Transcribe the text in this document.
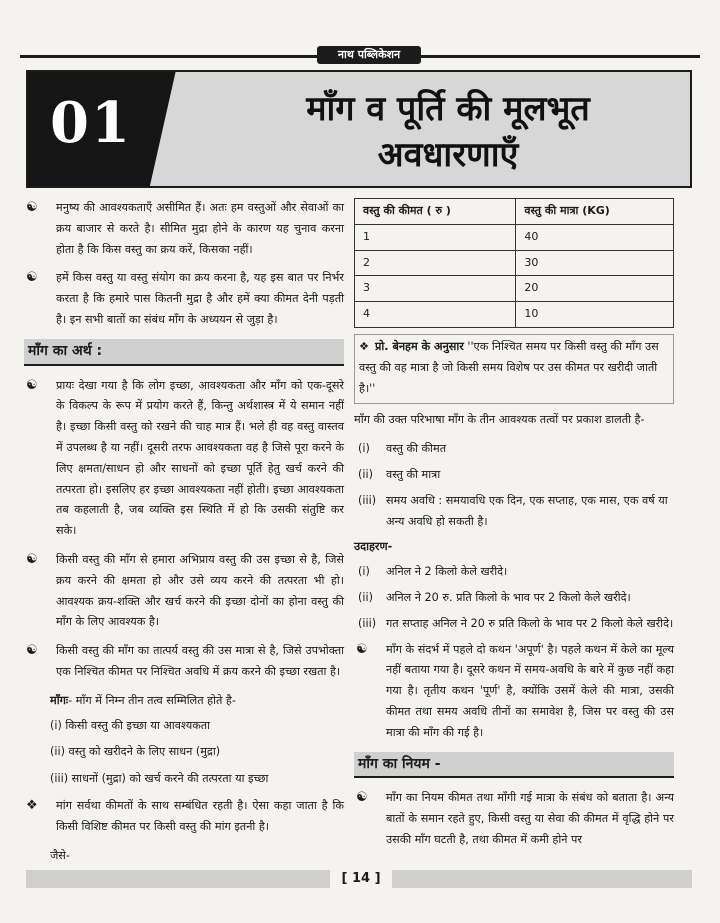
नाथ पब्लिकेशन
01	माँग व पूर्ति की मूलभूत
अवधारणाएँ
☯ मनुष्य की आवश्यकताएँ असीमित हैं। अतः हम वस्तुओं और सेवाओं का क्रय बाजार से करते है। सीमित मुद्रा होने के कारण यह चुनाव करना होता है कि किस वस्तु का क्रय करें, किसका नहीं।
☯ हमें किस वस्तु या वस्तु संयोग का क्रय करना है, यह इस बात पर निर्भर करता है कि हमारे पास कितनी मुद्रा है और हमें क्या कीमत देनी पड़ती है। इन सभी बातों का संबंध माँग के अध्ययन से जुड़ा है।
माँग का अर्थ :
☯ प्रायः देखा गया है कि लोग इच्छा, आवश्यकता और माँग को एक-दूसरे के विकल्प के रूप में प्रयोग करते हैं, किन्तु अर्थशास्त्र में ये समान नहीं है। इच्छा किसी वस्तु को रखने की चाह मात्र हैं। भले ही वह वस्तु वास्तव में उपलब्ध है या नहीं। दूसरी तरफ आवश्यकता वह है जिसे पूरा करने के लिए क्षमता/साधन हो और साधनों को इच्छा पूर्ति हेतु खर्च करने की तत्परता हो। इसलिए हर इच्छा आवश्यकता नहीं होती। इच्छा आवश्यकता तब कहलाती है, जब व्यक्ति इस स्थिति में हो कि उसकी संतुष्टि कर सके।
☯ किसी वस्तु की माँग से हमारा अभिप्राय वस्तु की उस इच्छा से है, जिसे क्रय करने की क्षमता हो और उसे व्यय करने की तत्परता भी हो। आवश्यक क्रय-शक्ति और खर्च करने की इच्छा दोनों का होना वस्तु की माँग के लिए आवश्यक है।
☯ किसी वस्तु की माँग का तात्पर्य वस्तु की उस मात्रा से है, जिसे उपभोक्ता एक निश्चित कीमत पर निश्चित अवधि में क्रय करने की इच्छा रखता है।
माँगः- माँग में निम्न तीन तत्व सम्मिलित होते है-
(i) किसी वस्तु की इच्छा या आवश्यकता
(ii) वस्तु को खरीदने के लिए साधन (मुद्रा)
(iii) साधनों (मुद्रा) को खर्च करने की तत्परता या इच्छा
❖ मांग सर्वथा कीमतों के साथ सम्बंधित रहती है। ऐसा कहा जाता है कि किसी विशिष्ट कीमत पर किसी वस्तु की मांग इतनी है।
जैसे-
वस्तु की कीमत ( रु )	वस्तु की मात्रा (KG)
1	40
2	30
3	20
4	10
❖ प्रो. बेनहम के अनुसार ''एक निश्चित समय पर किसी वस्तु की माँग उस वस्तु की वह मात्रा है जो किसी समय विशेष पर उस कीमत पर खरीदी जाती है।''
माँग की उक्त परिभाषा माँग के तीन आवश्यक तत्वों पर प्रकाश डालती है-
(i) वस्तु की कीमत
(ii) वस्तु की मात्रा
(iii) समय अवधि : समयावधि एक दिन, एक सप्ताह, एक मास, एक वर्ष या अन्य अवधि हो सकती है।
उदाहरण-
(i) अनिल ने 2 किलो केले खरीदे।
(ii) अनिल ने 20 रु. प्रति किलो के भाव पर 2 किलो केले खरीदे।
(iii) गत सप्ताह अनिल ने 20 रु प्रति किलो के भाव पर 2 किलो केले खरीदे।
☯ माँग के संदर्भ में पहले दो कथन 'अपूर्ण' है। पहले कथन में केले का मूल्य नहीं बताया गया है। दूसरे कथन में समय-अवधि के बारे में कुछ नहीं कहा गया है। तृतीय कथन 'पूर्ण' है, क्योंकि उसमें केले की मात्रा, उसकी कीमत तथा समय अवधि तीनों का समावेश है, जिस पर वस्तु की उस मात्रा की माँग की गई है।
माँग का नियम -
☯ माँग का नियम कीमत तथा माँगी गई मात्रा के संबंध को बताता है। अन्य बातों के समान रहते हुए, किसी वस्तु या सेवा की कीमत में वृद्धि होने पर उसकी माँग घटती है, तथा कीमत में कमी होने पर
[ 14 ]
